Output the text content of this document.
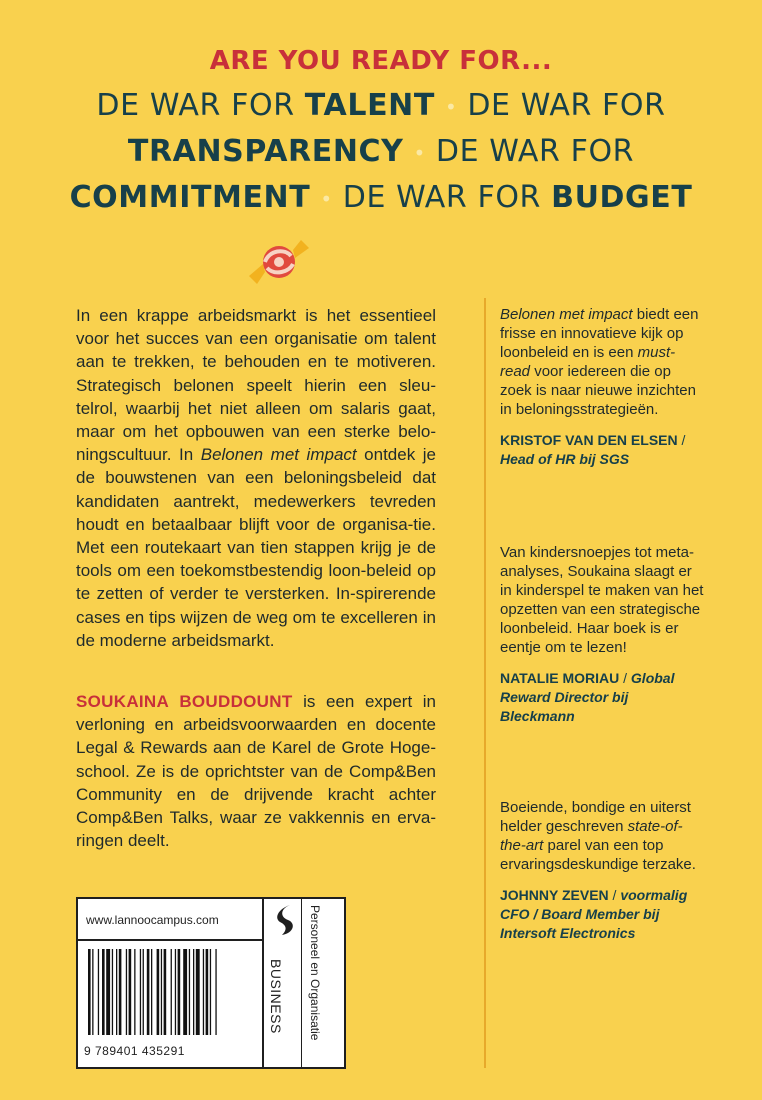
ARE YOU READY FOR...
DE WAR FOR TALENT • DE WAR FOR
TRANSPARENCY • DE WAR FOR
COMMITMENT • DE WAR FOR BUDGET

In een krappe arbeidsmarkt is het essentieel voor het succes van een organisatie om talent aan te trekken, te behouden en te motiveren. Strategisch belonen speelt hierin een sleu-telrol, waarbij het niet alleen om salaris gaat, maar om het opbouwen van een sterke belo-ningscultuur. In Belonen met impact ontdek je de bouwstenen van een beloningsbeleid dat kandidaten aantrekt, medewerkers tevreden houdt en betaalbaar blijft voor de organisa-tie. Met een routekaart van tien stappen krijg je de tools om een toekomstbestendig loon-beleid op te zetten of verder te versterken. In-spirerende cases en tips wijzen de weg om te excelleren in de moderne arbeidsmarkt.

SOUKAINA BOUDDOUNT is een expert in verloning en arbeidsvoorwaarden en docente Legal & Rewards aan de Karel de Grote Hoge-school. Ze is de oprichtster van de Comp&Ben Community en de drijvende kracht achter Comp&Ben Talks, waar ze vakkennis en erva-ringen deelt.

Belonen met impact biedt een frisse en innovatieve kijk op loonbeleid en is een must-read voor iedereen die op zoek is naar nieuwe inzichten in beloningsstrategieën.

KRISTOF VAN DEN ELSEN / Head of HR bij SGS

Van kindersnoepjes tot meta-analyses, Soukaina slaagt er in kinderspel te maken van het opzetten van een strategische loonbeleid. Haar boek is er eentje om te lezen!

NATALIE MORIAU / Global Reward Director bij Bleckmann

Boeiende, bondige en uiterst helder geschreven state-of-the-art parel van een top ervaringsdeskundige terzake.

JOHNNY ZEVEN / voormalig CFO / Board Member bij Intersoft Electronics
www.lannoocampus.com
9 789401 435291
BUSINESS Personeel en Organisatie
